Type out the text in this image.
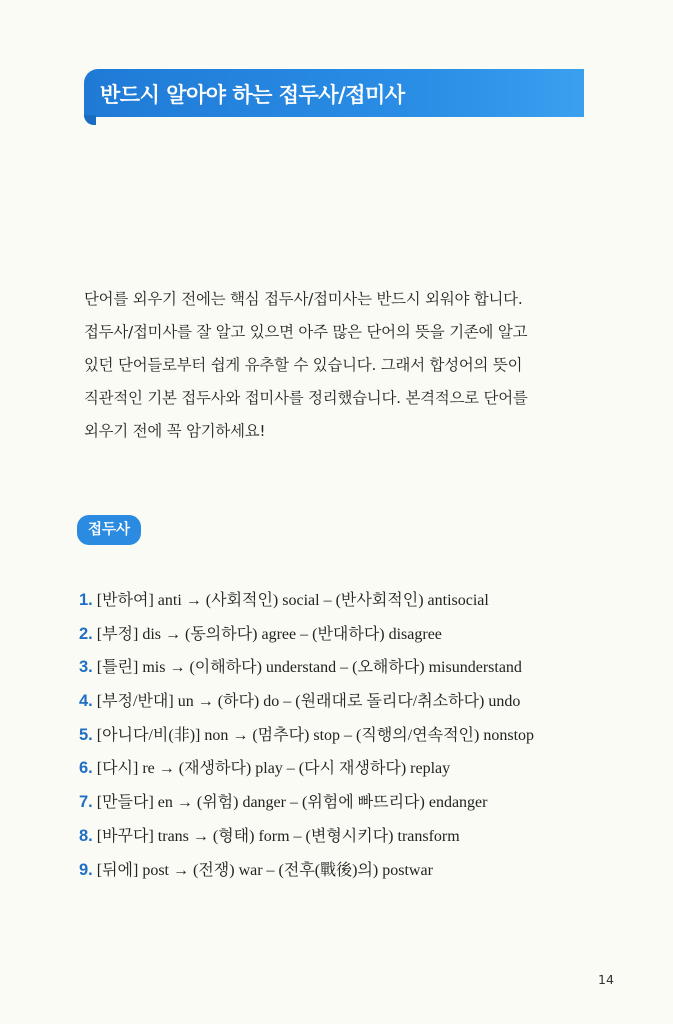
반드시 알아야 하는 접두사/접미사
단어를 외우기 전에는 핵심 접두사/접미사는 반드시 외워야 합니다.
접두사/접미사를 잘 알고 있으면 아주 많은 단어의 뜻을 기존에 알고
있던 단어들로부터 쉽게 유추할 수 있습니다. 그래서 합성어의 뜻이
직관적인 기본 접두사와 접미사를 정리했습니다. 본격적으로 단어를
외우기 전에 꼭 암기하세요!
접두사
1. [반하여] anti → (사회적인) social – (반사회적인) antisocial
2. [부정] dis → (동의하다) agree – (반대하다) disagree
3. [틀린] mis → (이해하다) understand – (오해하다) misunderstand
4. [부정/반대] un → (하다) do – (원래대로 돌리다/취소하다) undo
5. [아니다/비(非)] non → (멈추다) stop – (직행의/연속적인) nonstop
6. [다시] re → (재생하다) play – (다시 재생하다) replay
7. [만들다] en → (위험) danger – (위험에 빠뜨리다) endanger
8. [바꾸다] trans → (형태) form – (변형시키다) transform
9. [뒤에] post → (전쟁) war – (전후(戰後)의) postwar
14
